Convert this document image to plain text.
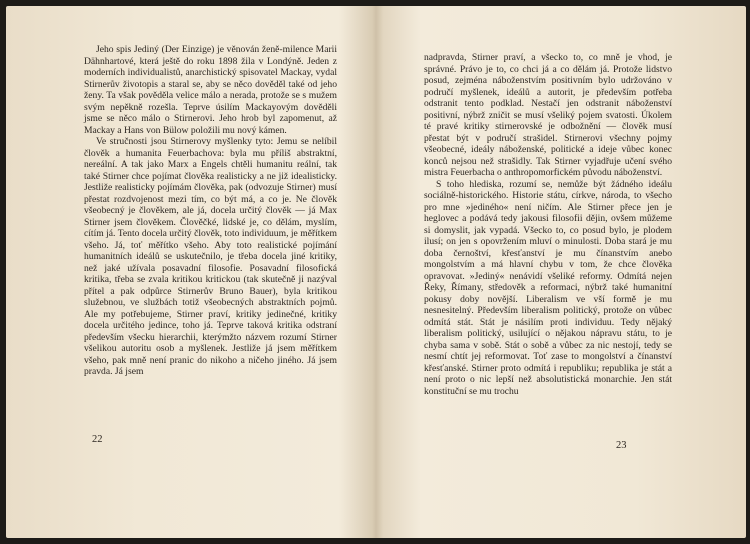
Jeho spis Jediný (Der Einzige) je věnován ženě-milence Marii Dähnhartové, která ještě do roku 1898 žila v Londýně. Jeden z moderních individualistů, anarchistický spisovatel Mackay, vydal Stirnerův životopis a staral se, aby se něco dověděl také od jeho ženy. Ta však pověděla velice málo a nerada, protože se s mužem svým nepěkně rozešla. Teprve úsilím Mackayovým dověděli jsme se něco málo o Stirnerovi. Jeho hrob byl zapomenut, až Mackay a Hans von Bülow položili mu nový kámen.

Ve stručnosti jsou Stirnerovy myšlenky tyto: Jemu se nelíbil člověk a humanita Feuerbachova: byla mu příliš abstraktní, nereální. A tak jako Marx a Engels chtěli humanitu reální, tak také Stirner chce pojímat člověka realisticky a ne již idealisticky. Jestliže realisticky pojímám člověka, pak (odvozuje Stirner) musí přestat rozdvojenost mezi tím, co být má, a co je. Ne člověk všeobecný je člověkem, ale já, docela určitý člověk — já Max Stirner jsem člověkem. Člověčké, lidské je, co dělám, myslím, cítím já. Tento docela určitý člověk, toto individuum, je měřítkem všeho. Já, toť měřítko všeho. Aby toto realistické pojímání humanitních ideálů se uskutečnilo, je třeba docela jiné kritiky, než jaké užívala posavadní filosofie. Posavadní filosofická kritika, třeba se zvala kritikou kritickou (tak skutečně ji nazýval přítel a pak odpůrce Stirnerův Bruno Bauer), byla kritikou služebnou, ve službách totiž všeobecných abstraktních pojmů. Ale my potřebujeme, Stirner praví, kritiky jedinečné, kritiky docela určitého jedince, toho já. Teprve taková kritika odstraní především všecku hierarchii, kterýmžto názvem rozumí Stirner všelikou autoritu osob a myšlenek. Jestliže já jsem měřítkem všeho, pak mně není pranic do nikoho a ničeho jiného. Já jsem pravda. Já jsem

22

nadpravda, Stirner praví, a všecko to, co mně je vhod, je správné. Právo je to, co chci já a co dělám já. Protože lidstvo posud, zejména náboženstvím positivním bylo udržováno v područí myšlenek, ideálů a autorit, je především potřeba odstranit tento podklad. Nestačí jen odstranit náboženství positivní, nýbrž zničit se musí všeliký pojem svatosti. Úkolem té pravé kritiky stirnerovské je odbožnění — člověk musí přestat být v područí strašidel. Stirnerovi všechny pojmy všeobecné, ideály náboženské, politické a ideje vůbec konec konců nejsou než strašidly. Tak Stirner vyjadřuje učení svého mistra Feuerbacha o anthropomorfickém původu náboženství.

S toho hlediska, rozumí se, nemůže být žádného ideálu sociálně-historického. Historie státu, církve, národa, to všecho pro mne »jediného« není ničím. Ale Stirner přece jen je heglovec a podává tedy jakousi filosofii dějin, ovšem můžeme si domyslit, jak vypadá. Všecko to, co posud bylo, je plodem ilusí; on jen s opovržením mluví o minulosti. Doba stará je mu doba černoštví, křesťanství je mu čínanstvím anebo mongolstvím a má hlavní chybu v tom, že chce člověka opravovat. »Jediný« nenávidí všeliké reformy. Odmítá nejen Řeky, Římany, středověk a reformaci, nýbrž také humanitní pokusy doby novější. Liberalism ve vší formě je mu nesnesitelný. Především liberalism politický, protože on vůbec odmítá stát. Stát je násilím proti individuu. Tedy nějaký liberalism politický, usilující o nějakou nápravu státu, to je chyba sama v sobě. Stát o sobě a vůbec za nic nestojí, tedy se nesmí chtít jej reformovat. Toť zase to mongolství a čínanství křesťanské. Stirner proto odmítá i republiku; republika je stát a není proto o nic lepší než absolutistická monarchie. Jen stát konstituční se mu trochu

23
